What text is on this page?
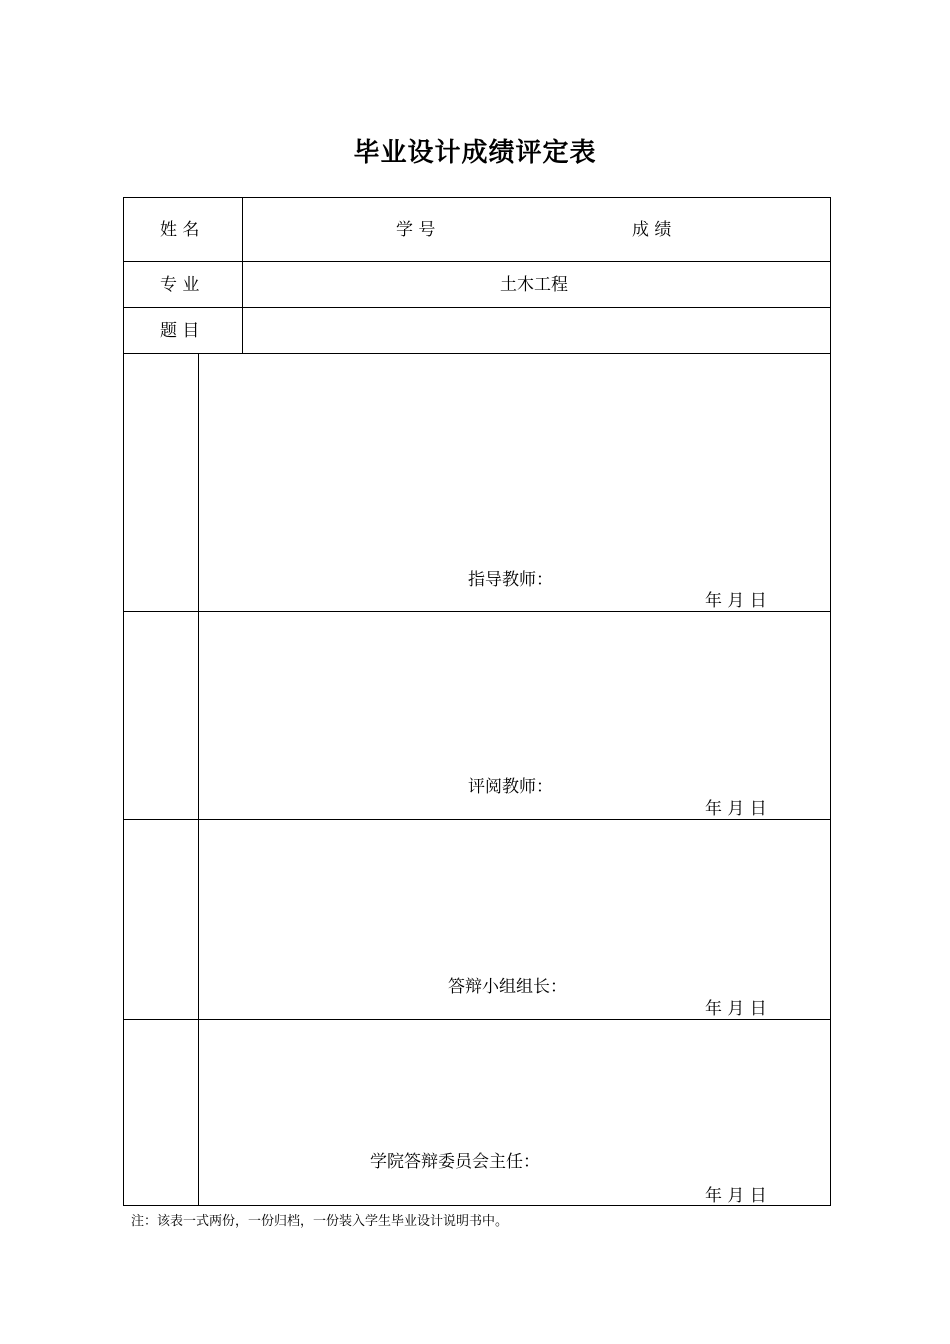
毕业设计成绩评定表
姓 名	学 号	成 绩
专 业	土木工程
题 目
指导教师：
年 月 日
评阅教师：
年 月 日
答辩小组组长：
年 月 日
学院答辩委员会主任：
年 月 日
注：该表一式两份，一份归档，一份装入学生毕业设计说明书中。
